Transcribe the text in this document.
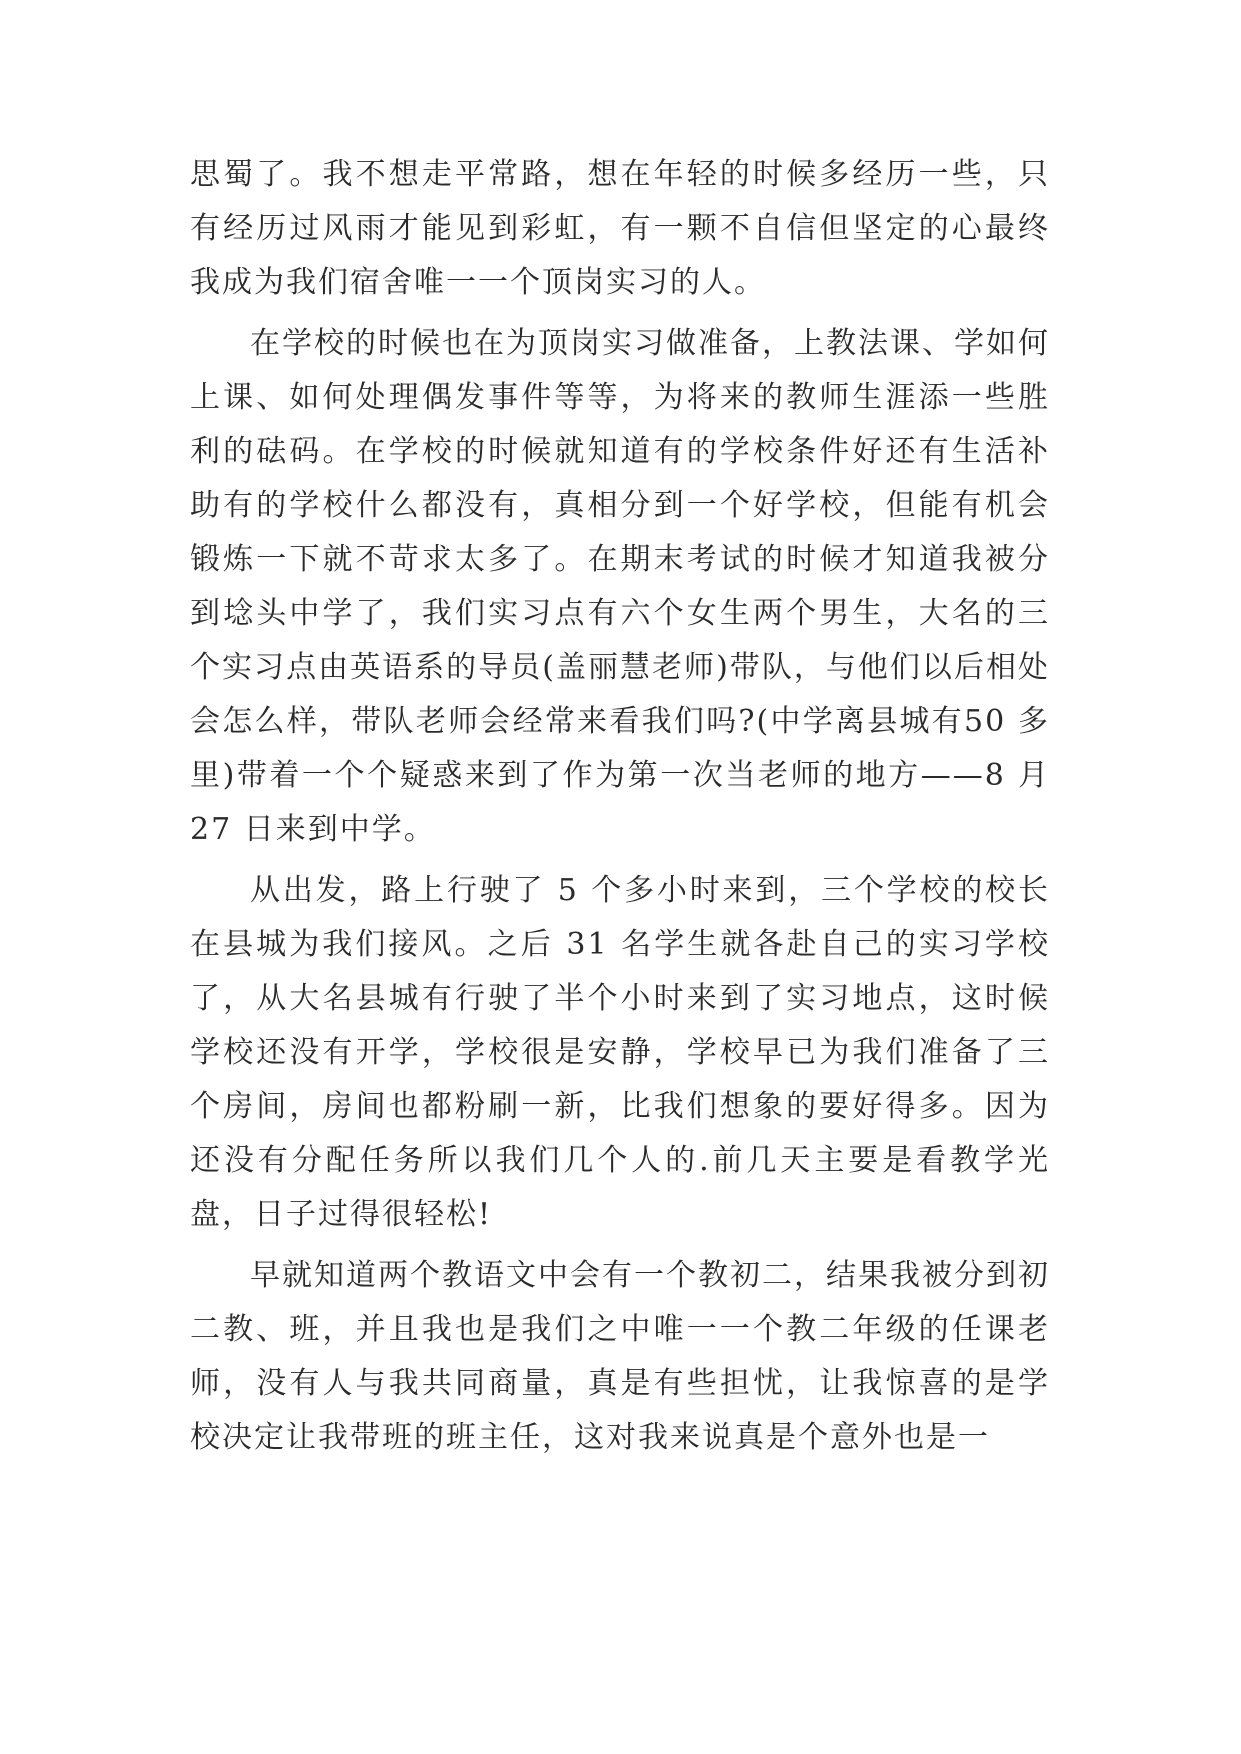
思蜀了。我不想走平常路，想在年轻的时候多经历一些，只有经历过风雨才能见到彩虹，有一颗不自信但坚定的心最终我成为我们宿舍唯一一个顶岗实习的人。

在学校的时候也在为顶岗实习做准备，上教法课、学如何上课、如何处理偶发事件等等，为将来的教师生涯添一些胜利的砝码。在学校的时候就知道有的学校条件好还有生活补助有的学校什么都没有，真相分到一个好学校，但能有机会锻炼一下就不苛求太多了。在期末考试的时候才知道我被分到埝头中学了，我们实习点有六个女生两个男生，大名的三个实习点由英语系的导员(盖丽慧老师)带队，与他们以后相处会怎么样，带队老师会经常来看我们吗?(中学离县城有50 多里)带着一个个疑惑来到了作为第一次当老师的地方——8 月 27 日来到中学。

从出发，路上行驶了 5 个多小时来到，三个学校的校长在县城为我们接风。之后 31 名学生就各赴自己的实习学校了，从大名县城有行驶了半个小时来到了实习地点，这时候学校还没有开学，学校很是安静，学校早已为我们准备了三个房间，房间也都粉刷一新，比我们想象的要好得多。因为还没有分配任务所以我们几个人的.前几天主要是看教学光盘，日子过得很轻松!

早就知道两个教语文中会有一个教初二，结果我被分到初二教、班，并且我也是我们之中唯一一个教二年级的任课老师，没有人与我共同商量，真是有些担忧，让我惊喜的是学校决定让我带班的班主任，这对我来说真是个意外也是一
